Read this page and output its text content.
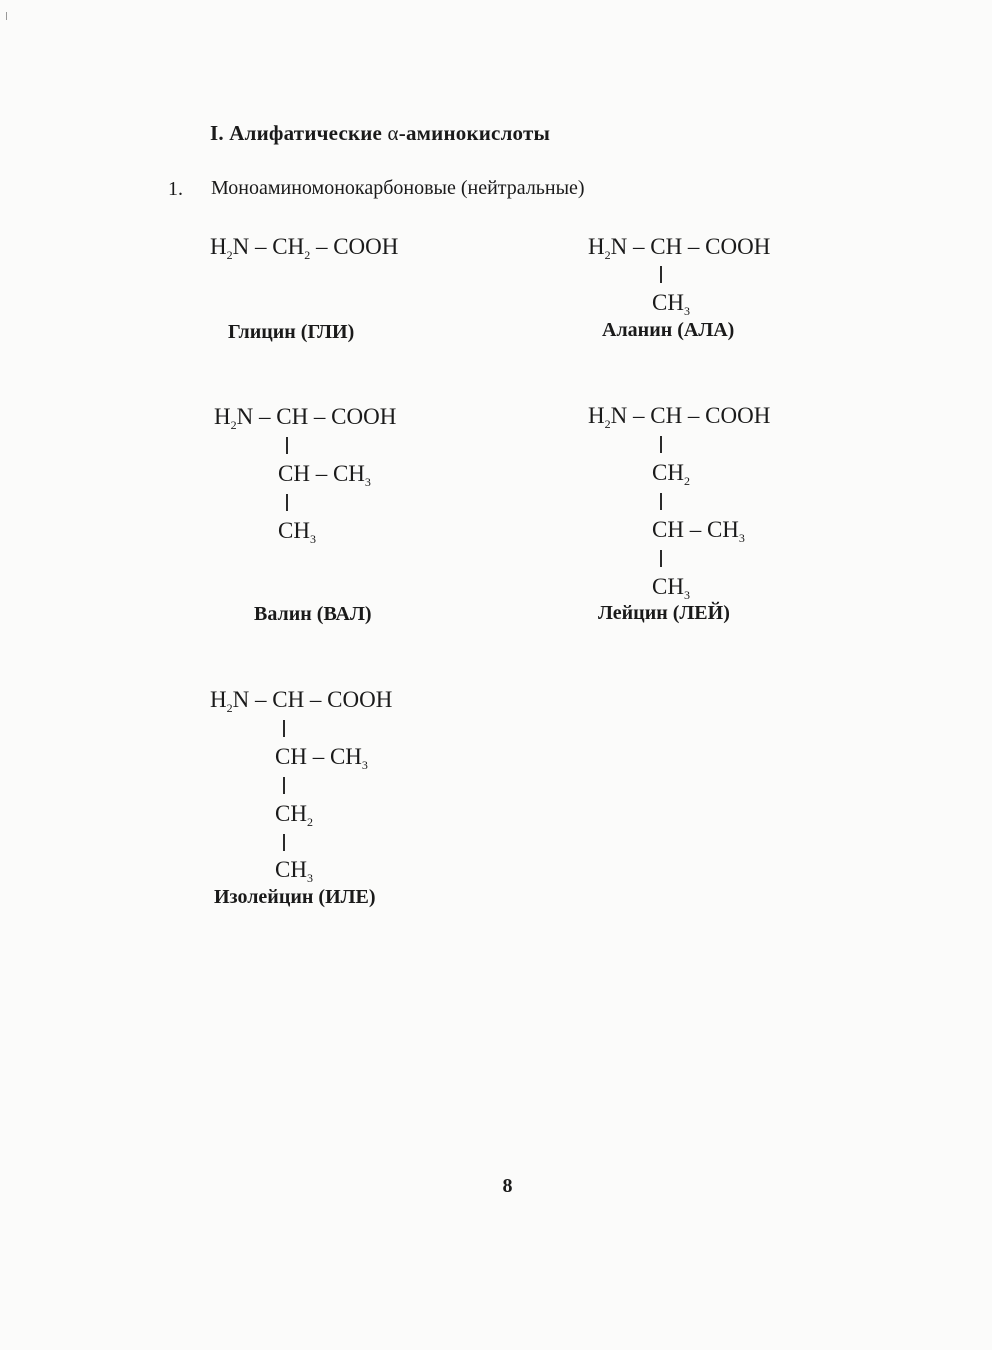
I. Алифатические α-аминокислоты
1. Моноаминомонокарбоновые (нейтральные)
$H_2N - CH_2$ – COOH
Глицин (ГЛИ)
$H_2N$ – CH – COOH
$CH_3$
Аланин (АЛА)
$H_2N$ – CH – COOH
CH – $CH_3$
$CH_3$
Валин (ВАЛ)
$H_2N$ – CH – COOH
$CH_2$
CH – $CH_3$
$CH_3$
Лейцин (ЛЕЙ)
$H_2N$ – CH – COOH
CH – $CH_3$
$CH_2$
$CH_3$
Изолейцин (ИЛЕ)
8
